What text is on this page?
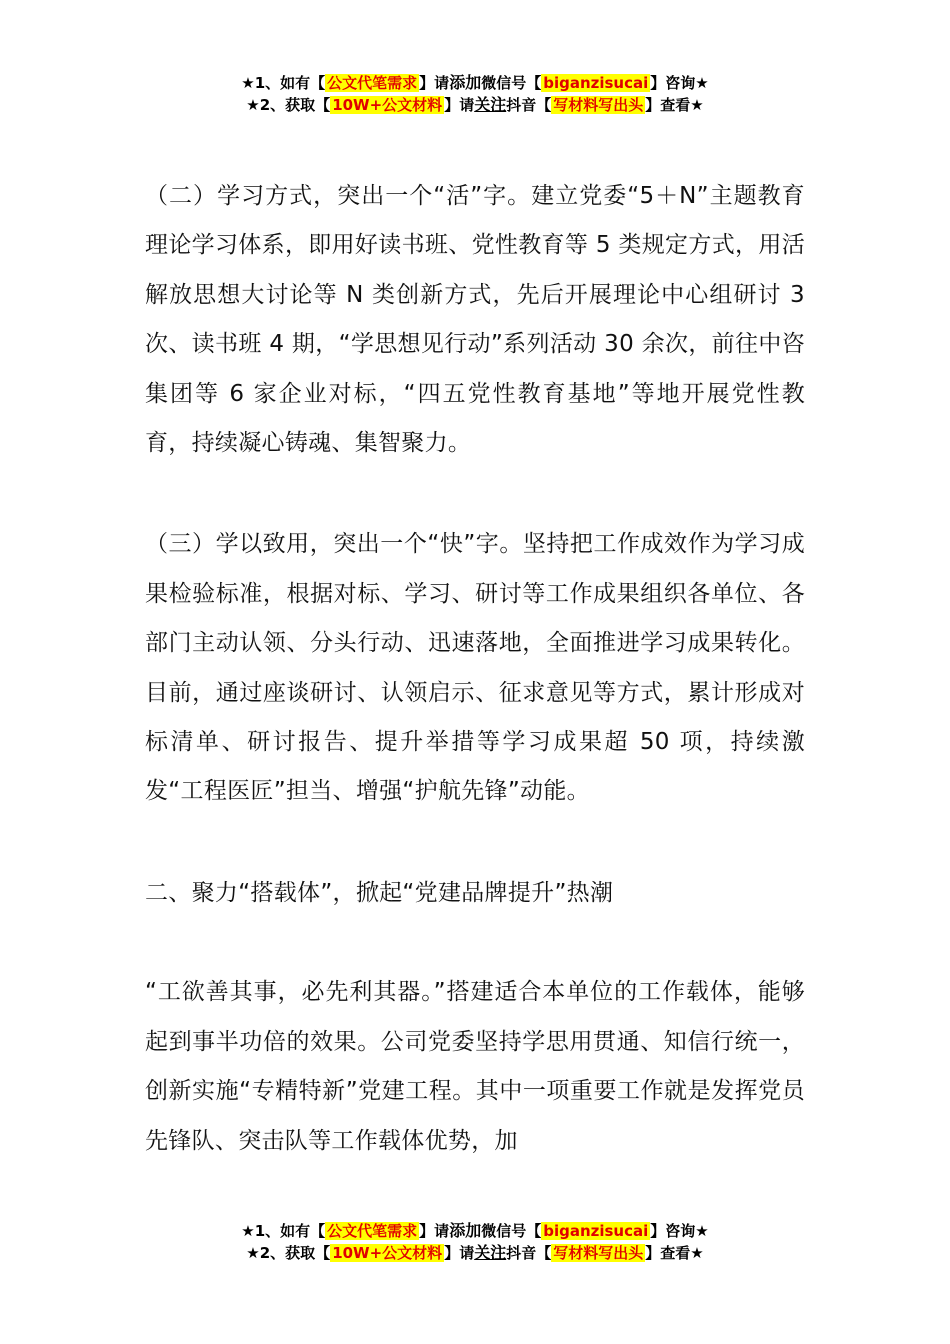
★1、如有【 公文代笔需求 】请添加微信号【 biganzisucai 】咨询★
★2、获取【 10W+公文材料 】请关注抖音【 写材料写出头 】查看★

（二）学习方式，突出一个“活”字。建立党委“5＋N”主题教育理论学习体系，即用好读书班、党性教育等 5 类规定方式，用活解放思想大讨论等 N 类创新方式，先后开展理论中心组研讨 3 次、读书班 4 期，“学思想见行动”系列活动 30 余次，前往中咨集团等 6 家企业对标，“四五党性教育基地”等地开展党性教育，持续凝心铸魂、集智聚力。

（三）学以致用，突出一个“快”字。坚持把工作成效作为学习成果检验标准，根据对标、学习、研讨等工作成果组织各单位、各部门主动认领、分头行动、迅速落地，全面推进学习成果转化。目前，通过座谈研讨、认领启示、征求意见等方式，累计形成对标清单、研讨报告、提升举措等学习成果超 50 项，持续激发“工程医匠”担当、增强“护航先锋”动能。

二、聚力“搭载体”，掀起“党建品牌提升”热潮

“工欲善其事，必先利其器。”搭建适合本单位的工作载体，能够起到事半功倍的效果。公司党委坚持学思用贯通、知信行统一，创新实施“专精特新”党建工程。其中一项重要工作就是发挥党员先锋队、突击队等工作载体优势，加

★1、如有【 公文代笔需求 】请添加微信号【 biganzisucai 】咨询★
★2、获取【 10W+公文材料 】请关注抖音【 写材料写出头 】查看★
